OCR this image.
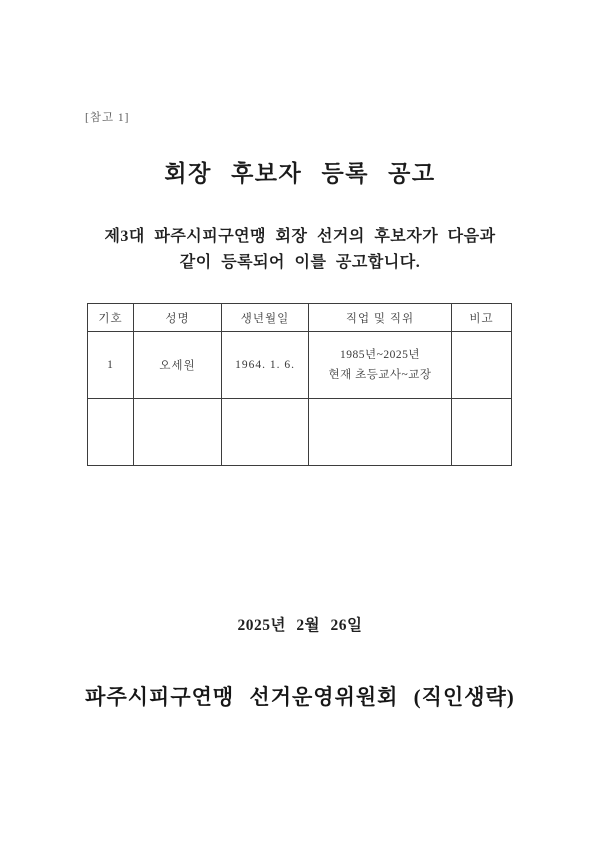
[참고 1]
회장 후보자 등록 공고
제3대 파주시피구연맹 회장 선거의 후보자가 다음과
같이 등록되어 이를 공고합니다.
기호	성명	생년월일	직업 및 직위	비고
1	오세원	1964. 1. 6.	1985년~2025년
현재 초등교사~교장	

2025년 2월 26일
파주시피구연맹 선거운영위원회 (직인생략)
